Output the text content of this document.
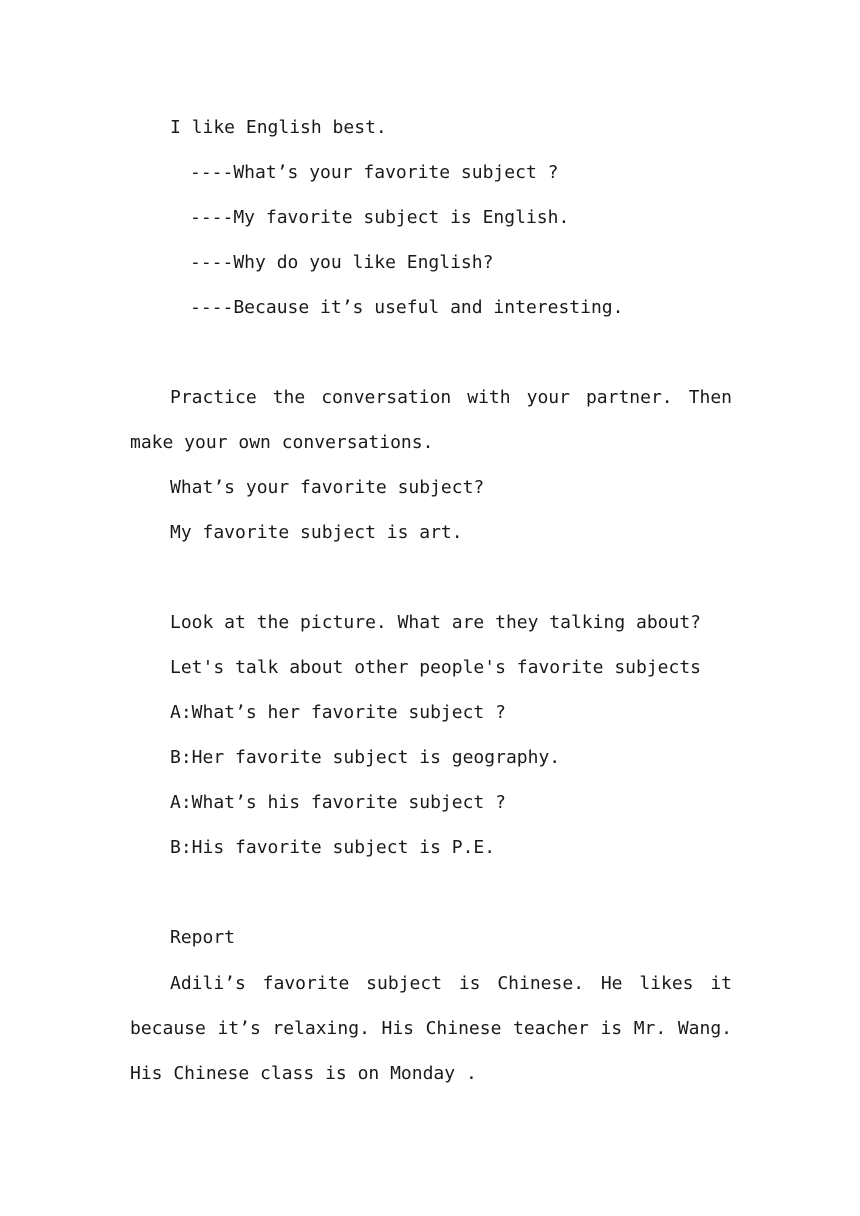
I like English best.
----What’s your favorite subject ?
----My favorite subject is English.
----Why do you like English?
----Because it’s useful and interesting.
Practice the conversation with your partner. Then make your own conversations.
What’s your favorite subject?
My favorite subject is art.
Look at the picture. What are they talking about?
Let's talk about other people's favorite subjects
A:What’s her favorite subject ?
B:Her favorite subject is geography.
A:What’s his favorite subject ?
B:His favorite subject is P.E.
Report
Adili’s favorite subject is Chinese. He likes it because it’s relaxing. His Chinese teacher is Mr. Wang. His Chinese class is on Monday .
